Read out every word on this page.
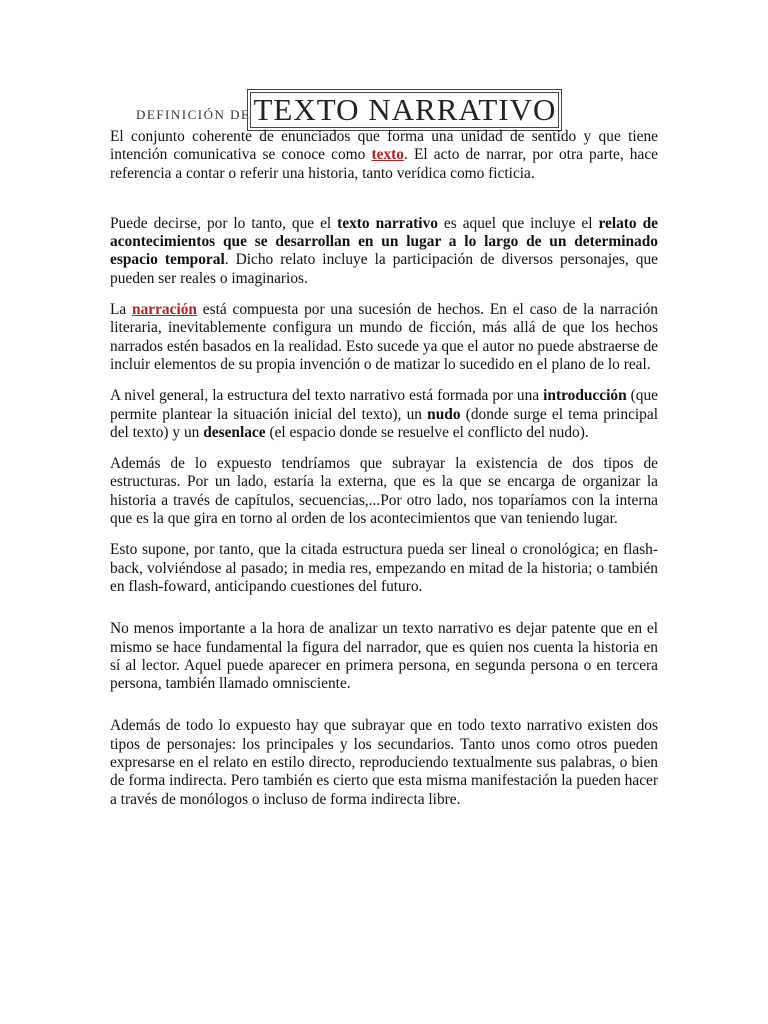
DEFINICIÓN DE TEXTO NARRATIVO

El conjunto coherente de enunciados que forma una unidad de sentido y que tiene intención comunicativa se conoce como texto. El acto de narrar, por otra parte, hace referencia a contar o referir una historia, tanto verídica como ficticia.

Puede decirse, por lo tanto, que el texto narrativo es aquel que incluye el relato de acontecimientos que se desarrollan en un lugar a lo largo de un determinado espacio temporal. Dicho relato incluye la participación de diversos personajes, que pueden ser reales o imaginarios.

La narración está compuesta por una sucesión de hechos. En el caso de la narración literaria, inevitablemente configura un mundo de ficción, más allá de que los hechos narrados estén basados en la realidad. Esto sucede ya que el autor no puede abstraerse de incluir elementos de su propia invención o de matizar lo sucedido en el plano de lo real.

A nivel general, la estructura del texto narrativo está formada por una introducción (que permite plantear la situación inicial del texto), un nudo (donde surge el tema principal del texto) y un desenlace (el espacio donde se resuelve el conflicto del nudo).

Además de lo expuesto tendríamos que subrayar la existencia de dos tipos de estructuras. Por un lado, estaría la externa, que es la que se encarga de organizar la historia a través de capítulos, secuencias,...Por otro lado, nos toparíamos con la interna que es la que gira en torno al orden de los acontecimientos que van teniendo lugar.

Esto supone, por tanto, que la citada estructura pueda ser lineal o cronológica; en flash-back, volviéndose al pasado; in media res, empezando en mitad de la historia; o también en flash-foward, anticipando cuestiones del futuro.

No menos importante a la hora de analizar un texto narrativo es dejar patente que en el mismo se hace fundamental la figura del narrador, que es quien nos cuenta la historia en sí al lector. Aquel puede aparecer en primera persona, en segunda persona o en tercera persona, también llamado omnisciente.

Además de todo lo expuesto hay que subrayar que en todo texto narrativo existen dos tipos de personajes: los principales y los secundarios. Tanto unos como otros pueden expresarse en el relato en estilo directo, reproduciendo textualmente sus palabras, o bien de forma indirecta. Pero también es cierto que esta misma manifestación la pueden hacer a través de monólogos o incluso de forma indirecta libre.
